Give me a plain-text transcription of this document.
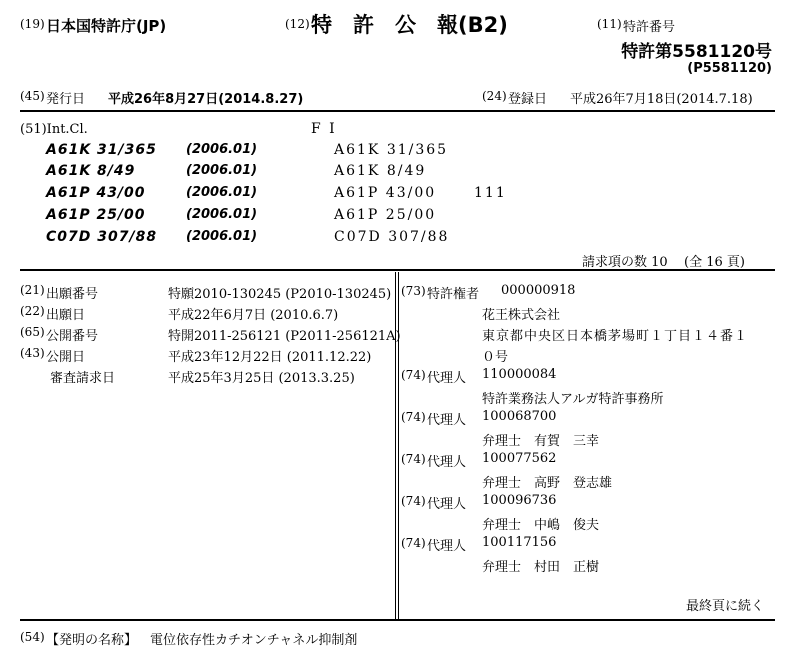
(19) 日本国特許庁(JP)	(12) 特　許　公　報(B2)	(11) 特許番号
特許第5581120号
(P5581120)
(45) 発行日 平成26年8月27日(2014.8.27)	(24) 登録日 平成26年7月18日(2014.7.18)
(51)Int.Cl.	F I
A61K 31/365 (2006.01)	A61K 31/365
A61K 8/49	(2006.01)	A61K 8/49
A61P 43/00	(2006.01)	A61P 43/00	111
A61P 25/00	(2006.01)	A61P 25/00
C07D 307/88 (2006.01)	C07D 307/88
請求項の数 10 (全 16 頁)
(21) 出願番号	特願2010-130245 (P2010-130245)
(22) 出願日	平成22年6月7日 (2010.6.7)
(65) 公開番号	特開2011-256121 (P2011-256121A)
(43) 公開日	平成23年12月22日 (2011.12.22)
審査請求日	平成25年3月25日 (2013.3.25)
(73) 特許権者 000000918
花王株式会社
東京都中央区日本橋茅場町１丁目１４番１
０号
(74) 代理人 110000084
特許業務法人アルガ特許事務所
(74) 代理人 100068700
弁理士　有賀　三幸
(74) 代理人 100077562
弁理士　高野　登志雄
(74) 代理人 100096736
弁理士　中嶋　俊夫
(74) 代理人 100117156
弁理士　村田　正樹
最終頁に続く
(54) 【発明の名称】 電位依存性カチオンチャネル抑制剤
